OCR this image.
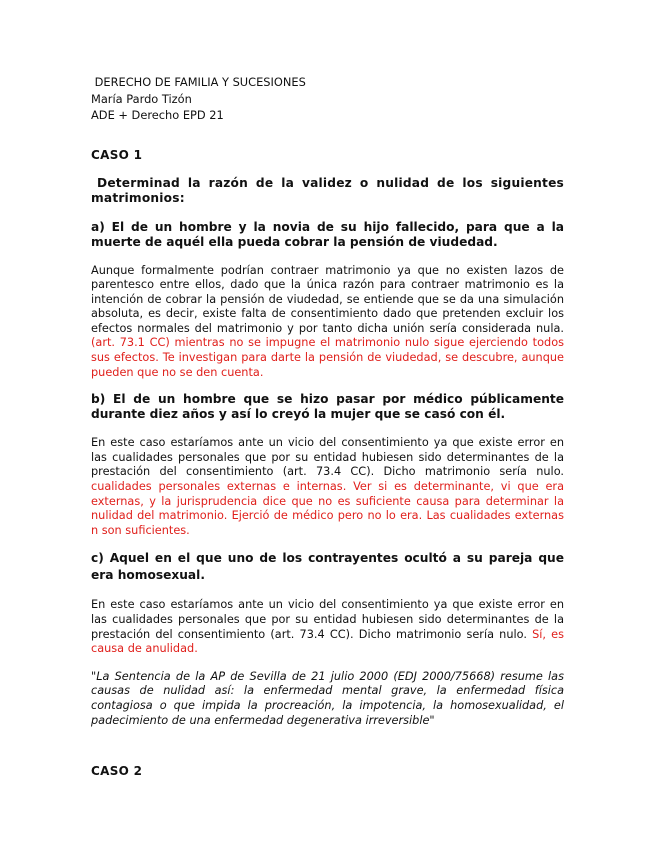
DERECHO DE FAMILIA Y SUCESIONES
María Pardo Tizón
ADE + Derecho EPD 21
CASO 1
Determinad la razón de la validez o nulidad de los siguientes matrimonios:
a) El de un hombre y la novia de su hijo fallecido, para que a la muerte de aquél ella pueda cobrar la pensión de viudedad.
Aunque formalmente podrían contraer matrimonio ya que no existen lazos de parentesco entre ellos, dado que la única razón para contraer matrimonio es la intención de cobrar la pensión de viudedad, se entiende que se da una simulación absoluta, es decir, existe falta de consentimiento dado que pretenden excluir los efectos normales del matrimonio y por tanto dicha unión sería considerada nula. (art. 73.1 CC) mientras no se impugne el matrimonio nulo sigue ejerciendo todos sus efectos. Te investigan para darte la pensión de viudedad, se descubre, aunque pueden que no se den cuenta.
b) El de un hombre que se hizo pasar por médico públicamente durante diez años y así lo creyó la mujer que se casó con él.
En este caso estaríamos ante un vicio del consentimiento ya que existe error en las cualidades personales que por su entidad hubiesen sido determinantes de la prestación del consentimiento (art. 73.4 CC). Dicho matrimonio sería nulo. cualidades personales externas e internas. Ver si es determinante, vi que era externas, y la jurisprudencia dice que no es suficiente causa para determinar la nulidad del matrimonio. Ejerció de médico pero no lo era. Las cualidades externas n son suficientes.
c) Aquel en el que uno de los contrayentes ocultó a su pareja que era homosexual.
En este caso estaríamos ante un vicio del consentimiento ya que existe error en las cualidades personales que por su entidad hubiesen sido determinantes de la prestación del consentimiento (art. 73.4 CC). Dicho matrimonio sería nulo. Sí, es causa de anulidad.
"La Sentencia de la AP de Sevilla de 21 julio 2000 (EDJ 2000/75668) resume las causas de nulidad así: la enfermedad mental grave, la enfermedad física contagiosa o que impida la procreación, la impotencia, la homosexualidad, el padecimiento de una enfermedad degenerativa irreversible"
CASO 2
